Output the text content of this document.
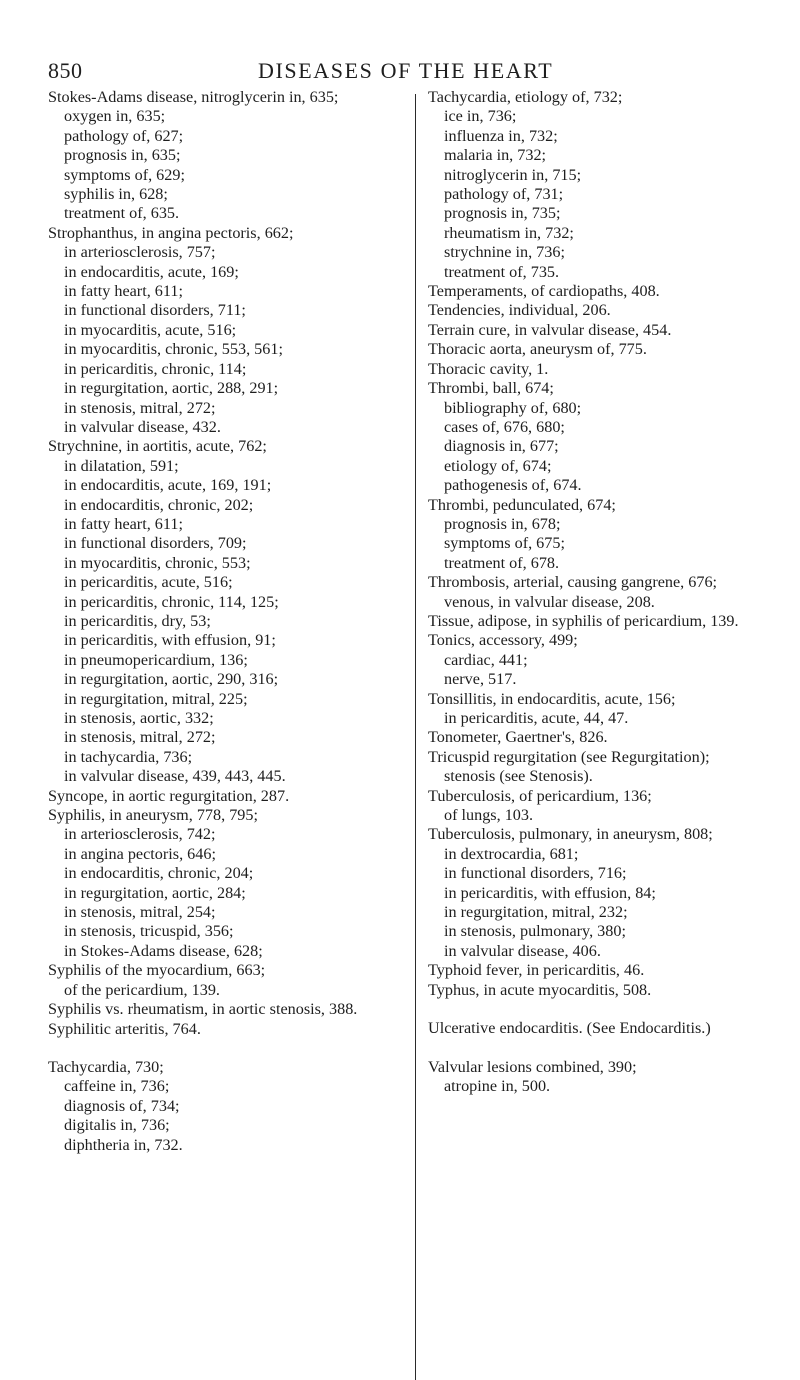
850	DISEASES OF THE HEART

Stokes-Adams disease, nitroglycerin in, 635;

oxygen in, 635;

pathology of, 627;

prognosis in, 635;

symptoms of, 629;

syphilis in, 628;

treatment of, 635.

Strophanthus, in angina pectoris, 662;

in arteriosclerosis, 757;

in endocarditis, acute, 169;

in fatty heart, 611;

in functional disorders, 711;

in myocarditis, acute, 516;

in myocarditis, chronic, 553, 561;

in pericarditis, chronic, 114;

in regurgitation, aortic, 288, 291;

in stenosis, mitral, 272;

in valvular disease, 432.

Strychnine, in aortitis, acute, 762;

in dilatation, 591;

in endocarditis, acute, 169, 191;

in endocarditis, chronic, 202;

in fatty heart, 611;

in functional disorders, 709;

in myocarditis, chronic, 553;

in pericarditis, acute, 516;

in pericarditis, chronic, 114, 125;

in pericarditis, dry, 53;

in pericarditis, with effusion, 91;

in pneumopericardium, 136;

in regurgitation, aortic, 290, 316;

in regurgitation, mitral, 225;

in stenosis, aortic, 332;

in stenosis, mitral, 272;

in tachycardia, 736;

in valvular disease, 439, 443, 445.

Syncope, in aortic regurgitation, 287.

Syphilis, in aneurysm, 778, 795;

in arteriosclerosis, 742;

in angina pectoris, 646;

in endocarditis, chronic, 204;

in regurgitation, aortic, 284;

in stenosis, mitral, 254;

in stenosis, tricuspid, 356;

in Stokes-Adams disease, 628;

Syphilis of the myocardium, 663;

of the pericardium, 139.

Syphilis vs. rheumatism, in aortic stenosis, 388.

Syphilitic arteritis, 764.

Tachycardia, 730;

caffeine in, 736;

diagnosis of, 734;

digitalis in, 736;

diphtheria in, 732.

Tachycardia, etiology of, 732;

ice in, 736;

influenza in, 732;

malaria in, 732;

nitroglycerin in, 715;

pathology of, 731;

prognosis in, 735;

rheumatism in, 732;

strychnine in, 736;

treatment of, 735.

Temperaments, of cardiopaths, 408.

Tendencies, individual, 206.

Terrain cure, in valvular disease, 454.

Thoracic aorta, aneurysm of, 775.

Thoracic cavity, 1.

Thrombi, ball, 674;

bibliography of, 680;

cases of, 676, 680;

diagnosis in, 677;

etiology of, 674;

pathogenesis of, 674.

Thrombi, pedunculated, 674;

prognosis in, 678;

symptoms of, 675;

treatment of, 678.

Thrombosis, arterial, causing gangrene, 676;

venous, in valvular disease, 208.

Tissue, adipose, in syphilis of pericardium, 139.

Tonics, accessory, 499;

cardiac, 441;

nerve, 517.

Tonsillitis, in endocarditis, acute, 156;

in pericarditis, acute, 44, 47.

Tonometer, Gaertner's, 826.

Tricuspid regurgitation (see Regurgitation);

stenosis (see Stenosis).

Tuberculosis, of pericardium, 136;

of lungs, 103.

Tuberculosis, pulmonary, in aneurysm, 808;

in dextrocardia, 681;

in functional disorders, 716;

in pericarditis, with effusion, 84;

in regurgitation, mitral, 232;

in stenosis, pulmonary, 380;

in valvular disease, 406.

Typhoid fever, in pericarditis, 46.

Typhus, in acute myocarditis, 508.

Ulcerative endocarditis. (See Endocarditis.)

Valvular lesions combined, 390;

atropine in, 500.
